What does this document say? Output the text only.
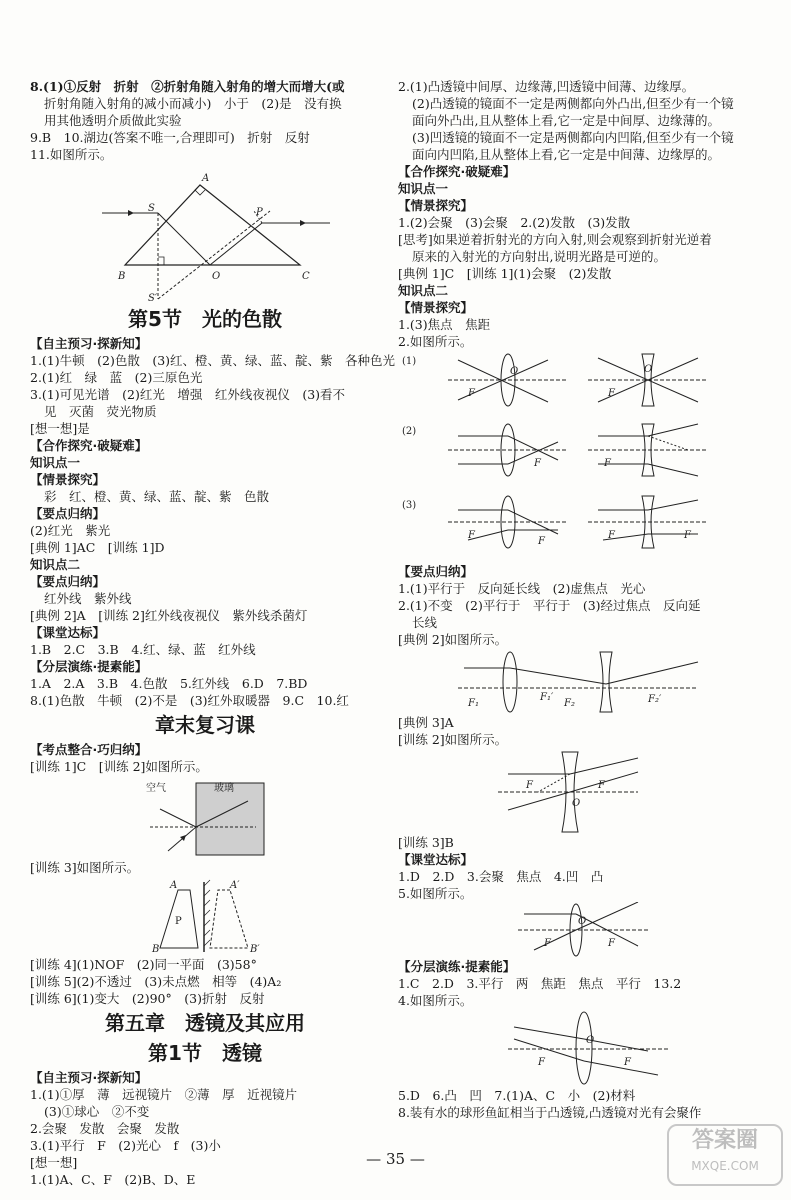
8.(1)①反射　折射　②折射角随入射角的增大而增大(或
折射角随入射角的减小而减小)　小于　(2)是　没有换
用其他透明介质做此实验
9.B　10.湖边(答案不唯一,合理即可)　折射　反射
11.如图所示。
A
S	P
B	O	C
S′
第5节　光的色散
【自主预习·探新知】
1.(1)牛顿　(2)色散　(3)红、橙、黄、绿、蓝、靛、紫　各种色光
2.(1)红　绿　蓝　(2)三原色光
3.(1)可见光谱　(2)红光　增强　红外线夜视仪　(3)看不
见　灭菌　荧光物质
[想一想]是
【合作探究·破疑难】
知识点一
【情景探究】
彩　红、橙、黄、绿、蓝、靛、紫　色散
【要点归纳】
(2)红光　紫光
[典例 1]AC　[训练 1]D
知识点二
【要点归纳】
红外线　紫外线
[典例 2]A　[训练 2]红外线夜视仪　紫外线杀菌灯
【课堂达标】
1.B　2.C　3.B　4.红、绿、蓝　红外线
【分层演练·提素能】
1.A　2.A　3.B　4.色散　5.红外线　6.D　7.BD
8.(1)色散　牛顿　(2)不是　(3)红外取暖器　9.C　10.红
章末复习课
【考点整合·巧归纳】
[训练 1]C　[训练 2]如图所示。
空气	玻璃
[训练 3]如图所示。
A	A′
P
B	B′
[训练 4](1)NOF　(2)同一平面　(3)58°
[训练 5](2)不透过　(3)未点燃　相等　(4)A₂
[训练 6](1)变大　(2)90°　(3)折射　反射
第五章　透镜及其应用
第1节　透镜
【自主预习·探新知】
1.(1)①厚　薄　远视镜片　②薄　厚　近视镜片
(3)①球心　②不变
2.会聚　发散　会聚　发散
3.(1)平行　F　(2)光心　f　(3)小
[想一想]
1.(1)A、C、F　(2)B、D、E
2.(1)凸透镜中间厚、边缘薄,凹透镜中间薄、边缘厚。
(2)凸透镜的镜面不一定是两侧都向外凸出,但至少有一个镜
面向外凸出,且从整体上看,它一定是中间厚、边缘薄的。
(3)凹透镜的镜面不一定是两侧都向内凹陷,但至少有一个镜
面向内凹陷,且从整体上看,它一定是中间薄、边缘厚的。
【合作探究·破疑难】
知识点一
【情景探究】
1.(2)会聚　(3)会聚　2.(2)发散　(3)发散
[思考]如果逆着折射光的方向入射,则会观察到折射光逆着
原来的入射光的方向射出,说明光路是可逆的。
[典例 1]C　[训练 1](1)会聚　(2)发散
知识点二
【情景探究】
1.(3)焦点　焦距
2.如图所示。
(1)
(2)
(3)
F
O	O
F
F	F
F
F
F	F
【要点归纳】
1.(1)平行于　反向延长线　(2)虚焦点　光心
2.(1)不变　(2)平行于　平行于　(3)经过焦点　反向延
长线
[典例 2]如图所示。
F₁
F₁′
F₂	F₂′
[典例 3]A
[训练 2]如图所示。
F	F
O
[训练 3]B
【课堂达标】
1.D　2.D　3.会聚　焦点　4.凹　凸
5.如图所示。
F
O
F
【分层演练·提素能】
1.C　2.D　3.平行　两　焦距　焦点　平行　13.2
4.如图所示。
F
O
F
5.D　6.凸　凹　7.(1)A、C　小　(2)材料
8.装有水的球形鱼缸相当于凸透镜,凸透镜对光有会聚作
— 35 —
答案圈
MXQE.COM
